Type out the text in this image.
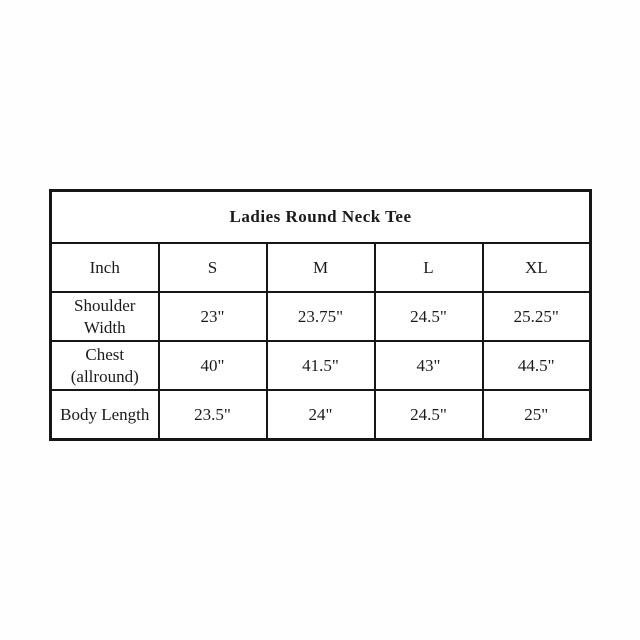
Ladies Round Neck Tee				
Inch	S	M	L	XL
Shoulder Width	23"	23.75"	24.5"	25.25"
Chest (allround)	40"	41.5"	43"	44.5"
Body Length	23.5"	24"	24.5"	25"
